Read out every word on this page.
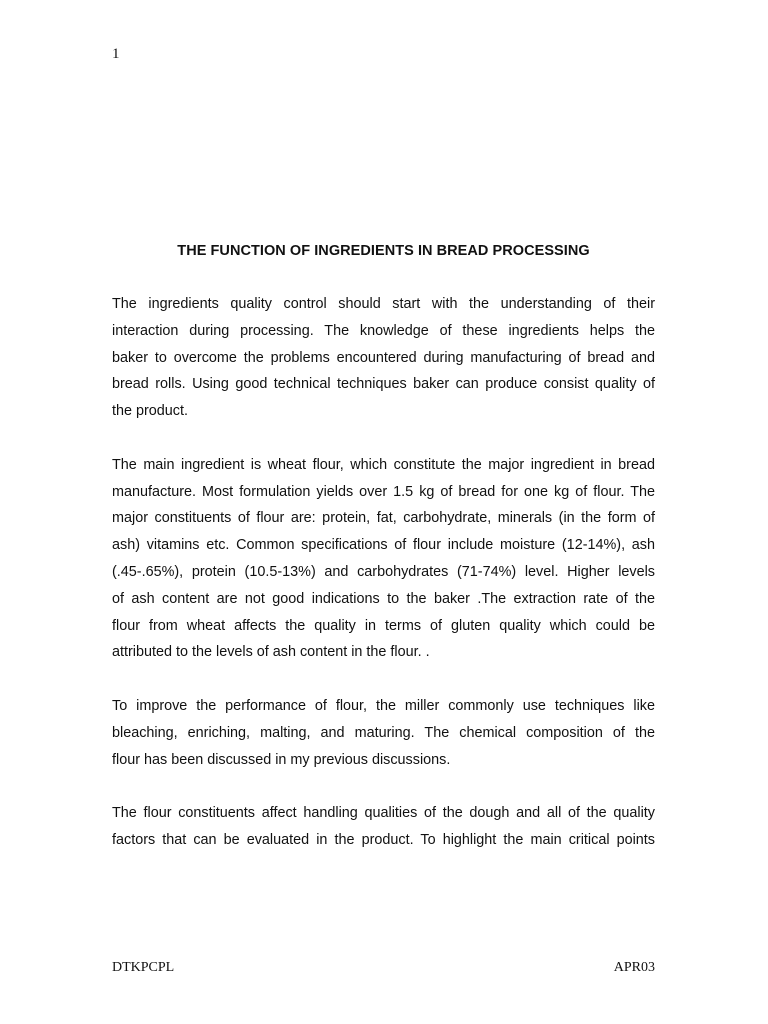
1
THE FUNCTION OF INGREDIENTS IN BREAD PROCESSING

The ingredients quality control should start with the understanding of their
interaction during processing. The knowledge of these ingredients helps the
baker to overcome the problems encountered during manufacturing of bread and
bread rolls. Using good technical techniques baker can produce consist quality of
the product.

The main ingredient is wheat flour, which constitute the major ingredient in bread
manufacture. Most formulation yields over 1.5 kg of bread for one kg of flour. The
major constituents of flour are: protein, fat, carbohydrate, minerals (in the form of
ash) vitamins etc. Common specifications of flour include moisture (12-14%), ash
(.45-.65%), protein (10.5-13%) and carbohydrates (71-74%) level. Higher levels
of ash content are not good indications to the baker .The extraction rate of the
flour from wheat affects the quality in terms of gluten quality which could be
attributed to the levels of ash content in the flour. .

To improve the performance of flour, the miller commonly use techniques like
bleaching, enriching, malting, and maturing. The chemical composition of the
flour has been discussed in my previous discussions.

The flour constituents affect handling qualities of the dough and all of the quality
factors that can be evaluated in the product. To highlight the main critical points

DTKPCPL	APR03
